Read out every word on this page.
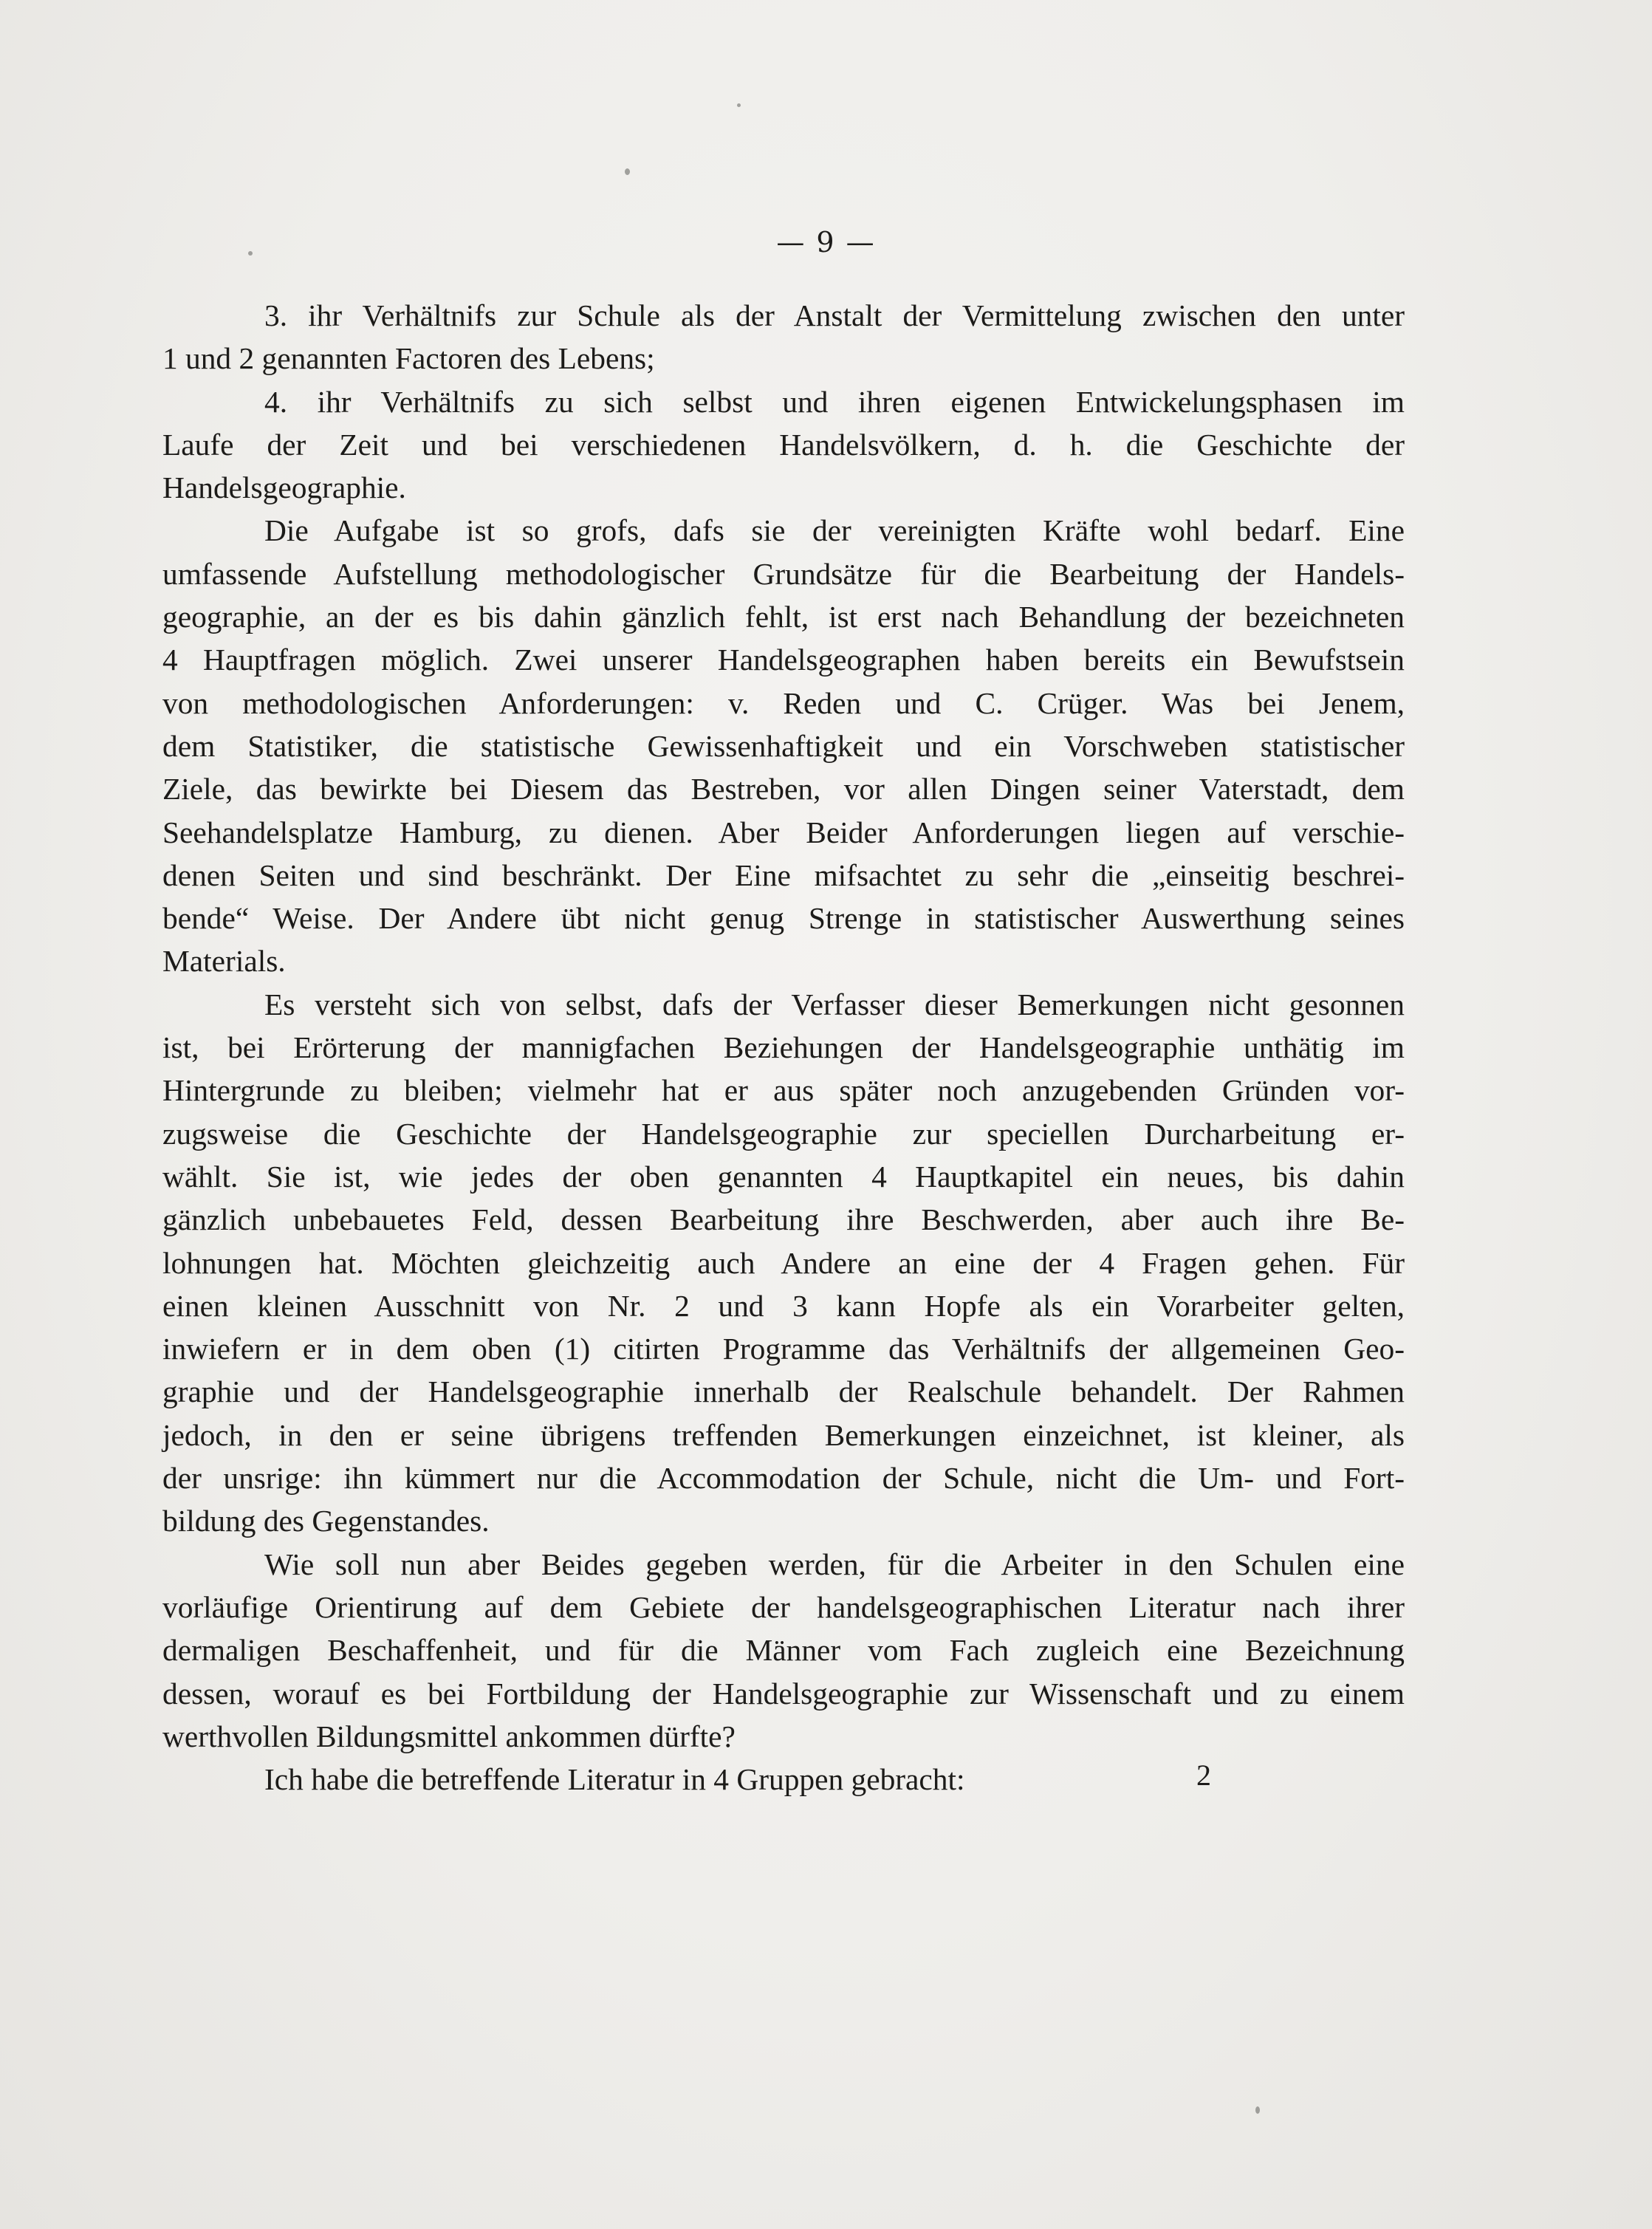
— 9 —
3. ihr Verhältnifs zur Schule als der Anstalt der Vermittelung zwischen den unter
1 und 2 genannten Factoren des Lebens;
4. ihr Verhältnifs zu sich selbst und ihren eigenen Entwickelungsphasen im
Laufe der Zeit und bei verschiedenen Handelsvölkern, d. h. die Geschichte der
Handelsgeographie.
Die Aufgabe ist so grofs, dafs sie der vereinigten Kräfte wohl bedarf. Eine
umfassende Aufstellung methodologischer Grundsätze für die Bearbeitung der Handels-
geographie, an der es bis dahin gänzlich fehlt, ist erst nach Behandlung der bezeichneten
4 Hauptfragen möglich. Zwei unserer Handelsgeographen haben bereits ein Bewufstsein
von methodologischen Anforderungen: v. Reden und C. Crüger. Was bei Jenem,
dem Statistiker, die statistische Gewissenhaftigkeit und ein Vorschweben statistischer
Ziele, das bewirkte bei Diesem das Bestreben, vor allen Dingen seiner Vaterstadt, dem
Seehandelsplatze Hamburg, zu dienen. Aber Beider Anforderungen liegen auf verschie-
denen Seiten und sind beschränkt. Der Eine mifsachtet zu sehr die „einseitig beschrei-
bende“ Weise. Der Andere übt nicht genug Strenge in statistischer Auswerthung seines
Materials.
Es versteht sich von selbst, dafs der Verfasser dieser Bemerkungen nicht gesonnen
ist, bei Erörterung der mannigfachen Beziehungen der Handelsgeographie unthätig im
Hintergrunde zu bleiben; vielmehr hat er aus später noch anzugebenden Gründen vor-
zugsweise die Geschichte der Handelsgeographie zur speciellen Durcharbeitung er-
wählt. Sie ist, wie jedes der oben genannten 4 Hauptkapitel ein neues, bis dahin
gänzlich unbebauetes Feld, dessen Bearbeitung ihre Beschwerden, aber auch ihre Be-
lohnungen hat. Möchten gleichzeitig auch Andere an eine der 4 Fragen gehen. Für
einen kleinen Ausschnitt von Nr. 2 und 3 kann Hopfe als ein Vorarbeiter gelten,
inwiefern er in dem oben (1) citirten Programme das Verhältnifs der allgemeinen Geo-
graphie und der Handelsgeographie innerhalb der Realschule behandelt. Der Rahmen
jedoch, in den er seine übrigens treffenden Bemerkungen einzeichnet, ist kleiner, als
der unsrige: ihn kümmert nur die Accommodation der Schule, nicht die Um- und Fort-
bildung des Gegenstandes.
Wie soll nun aber Beides gegeben werden, für die Arbeiter in den Schulen eine
vorläufige Orientirung auf dem Gebiete der handelsgeographischen Literatur nach ihrer
dermaligen Beschaffenheit, und für die Männer vom Fach zugleich eine Bezeichnung
dessen, worauf es bei Fortbildung der Handelsgeographie zur Wissenschaft und zu einem
werthvollen Bildungsmittel ankommen dürfte?
Ich habe die betreffende Literatur in 4 Gruppen gebracht:	2
